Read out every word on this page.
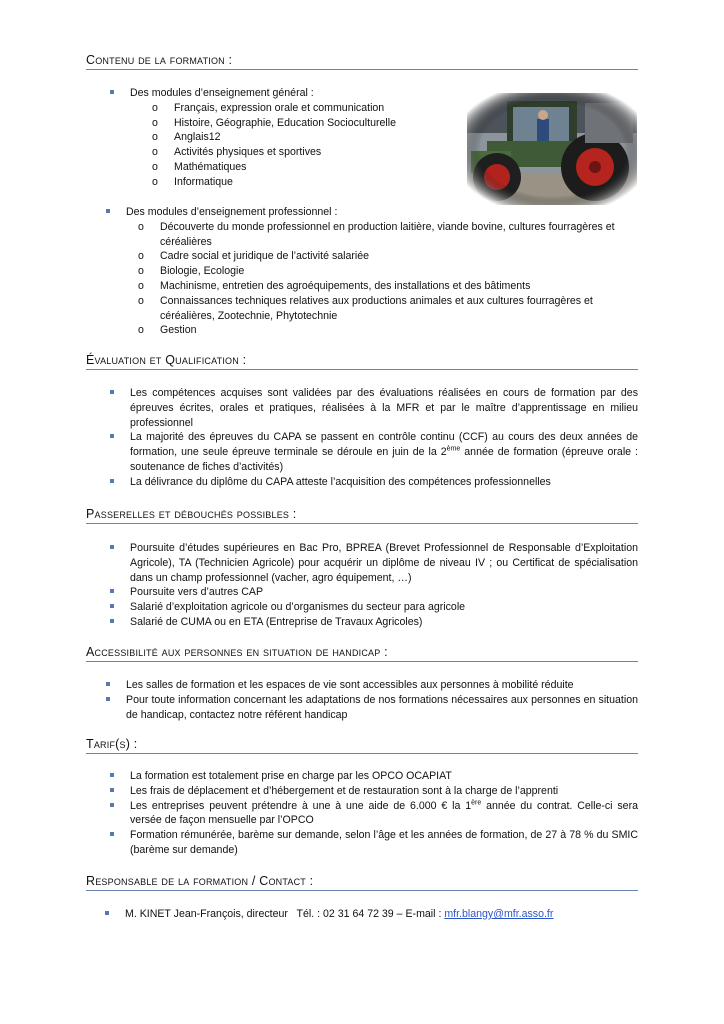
Contenu de la formation :
Des modules d’enseignement général :
o Français, expression orale et communication
o Histoire, Géographie, Education Socioculturelle
o Anglais12
o Activités physiques et sportives
o Mathématiques
o Informatique
Des modules d’enseignement professionnel :
o Découverte du monde professionnel en production laitière, viande bovine, cultures fourragères et céréalières
o Cadre social et juridique de l’activité salariée
o Biologie, Ecologie
o Machinisme, entretien des agroéquipements, des installations et des bâtiments
o Connaissances techniques relatives aux productions animales et aux cultures fourragères et céréalières, Zootechnie, Phytotechnie
o Gestion
Évaluation et Qualification :
Les compétences acquises sont validées par des évaluations réalisées en cours de formation par des épreuves écrites, orales et pratiques, réalisées à la MFR et par le maître d’apprentissage en milieu professionnel
La majorité des épreuves du CAPA se passent en contrôle continu (CCF) au cours des deux années de formation, une seule épreuve terminale se déroule en juin de la 2ème année de formation (épreuve orale : soutenance de fiches d’activités)
La délivrance du diplôme du CAPA atteste l’acquisition des compétences professionnelles
Passerelles et débouchés possibles :
Poursuite d’études supérieures en Bac Pro, BPREA (Brevet Professionnel de Responsable d’Exploitation Agricole), TA (Technicien Agricole) pour acquérir un diplôme de niveau IV ; ou Certificat de spécialisation dans un champ professionnel (vacher, agro équipement, …)
Poursuite vers d’autres CAP
Salarié d’exploitation agricole ou d’organismes du secteur para agricole
Salarié de CUMA ou en ETA (Entreprise de Travaux Agricoles)
Accessibilité aux personnes en situation de handicap :
Les salles de formation et les espaces de vie sont accessibles aux personnes à mobilité réduite
Pour toute information concernant les adaptations de nos formations nécessaires aux personnes en situation de handicap, contactez notre référent handicap
Tarif(s) :
La formation est totalement prise en charge par les OPCO OCAPIAT
Les frais de déplacement et d’hébergement et de restauration sont à la charge de l’apprenti
Les entreprises peuvent prétendre à une à une aide de 6.000 € la 1ère année du contrat. Celle-ci sera versée de façon mensuelle par l’OPCO
Formation rémunérée, barème sur demande, selon l’âge et les années de formation, de 27 à 78 % du SMIC (barème sur demande)
Responsable de la formation / Contact :
M. KINET Jean-François, directeur   Tél. : 02 31 64 72 39 – E-mail : mfr.blangy@mfr.asso.fr
